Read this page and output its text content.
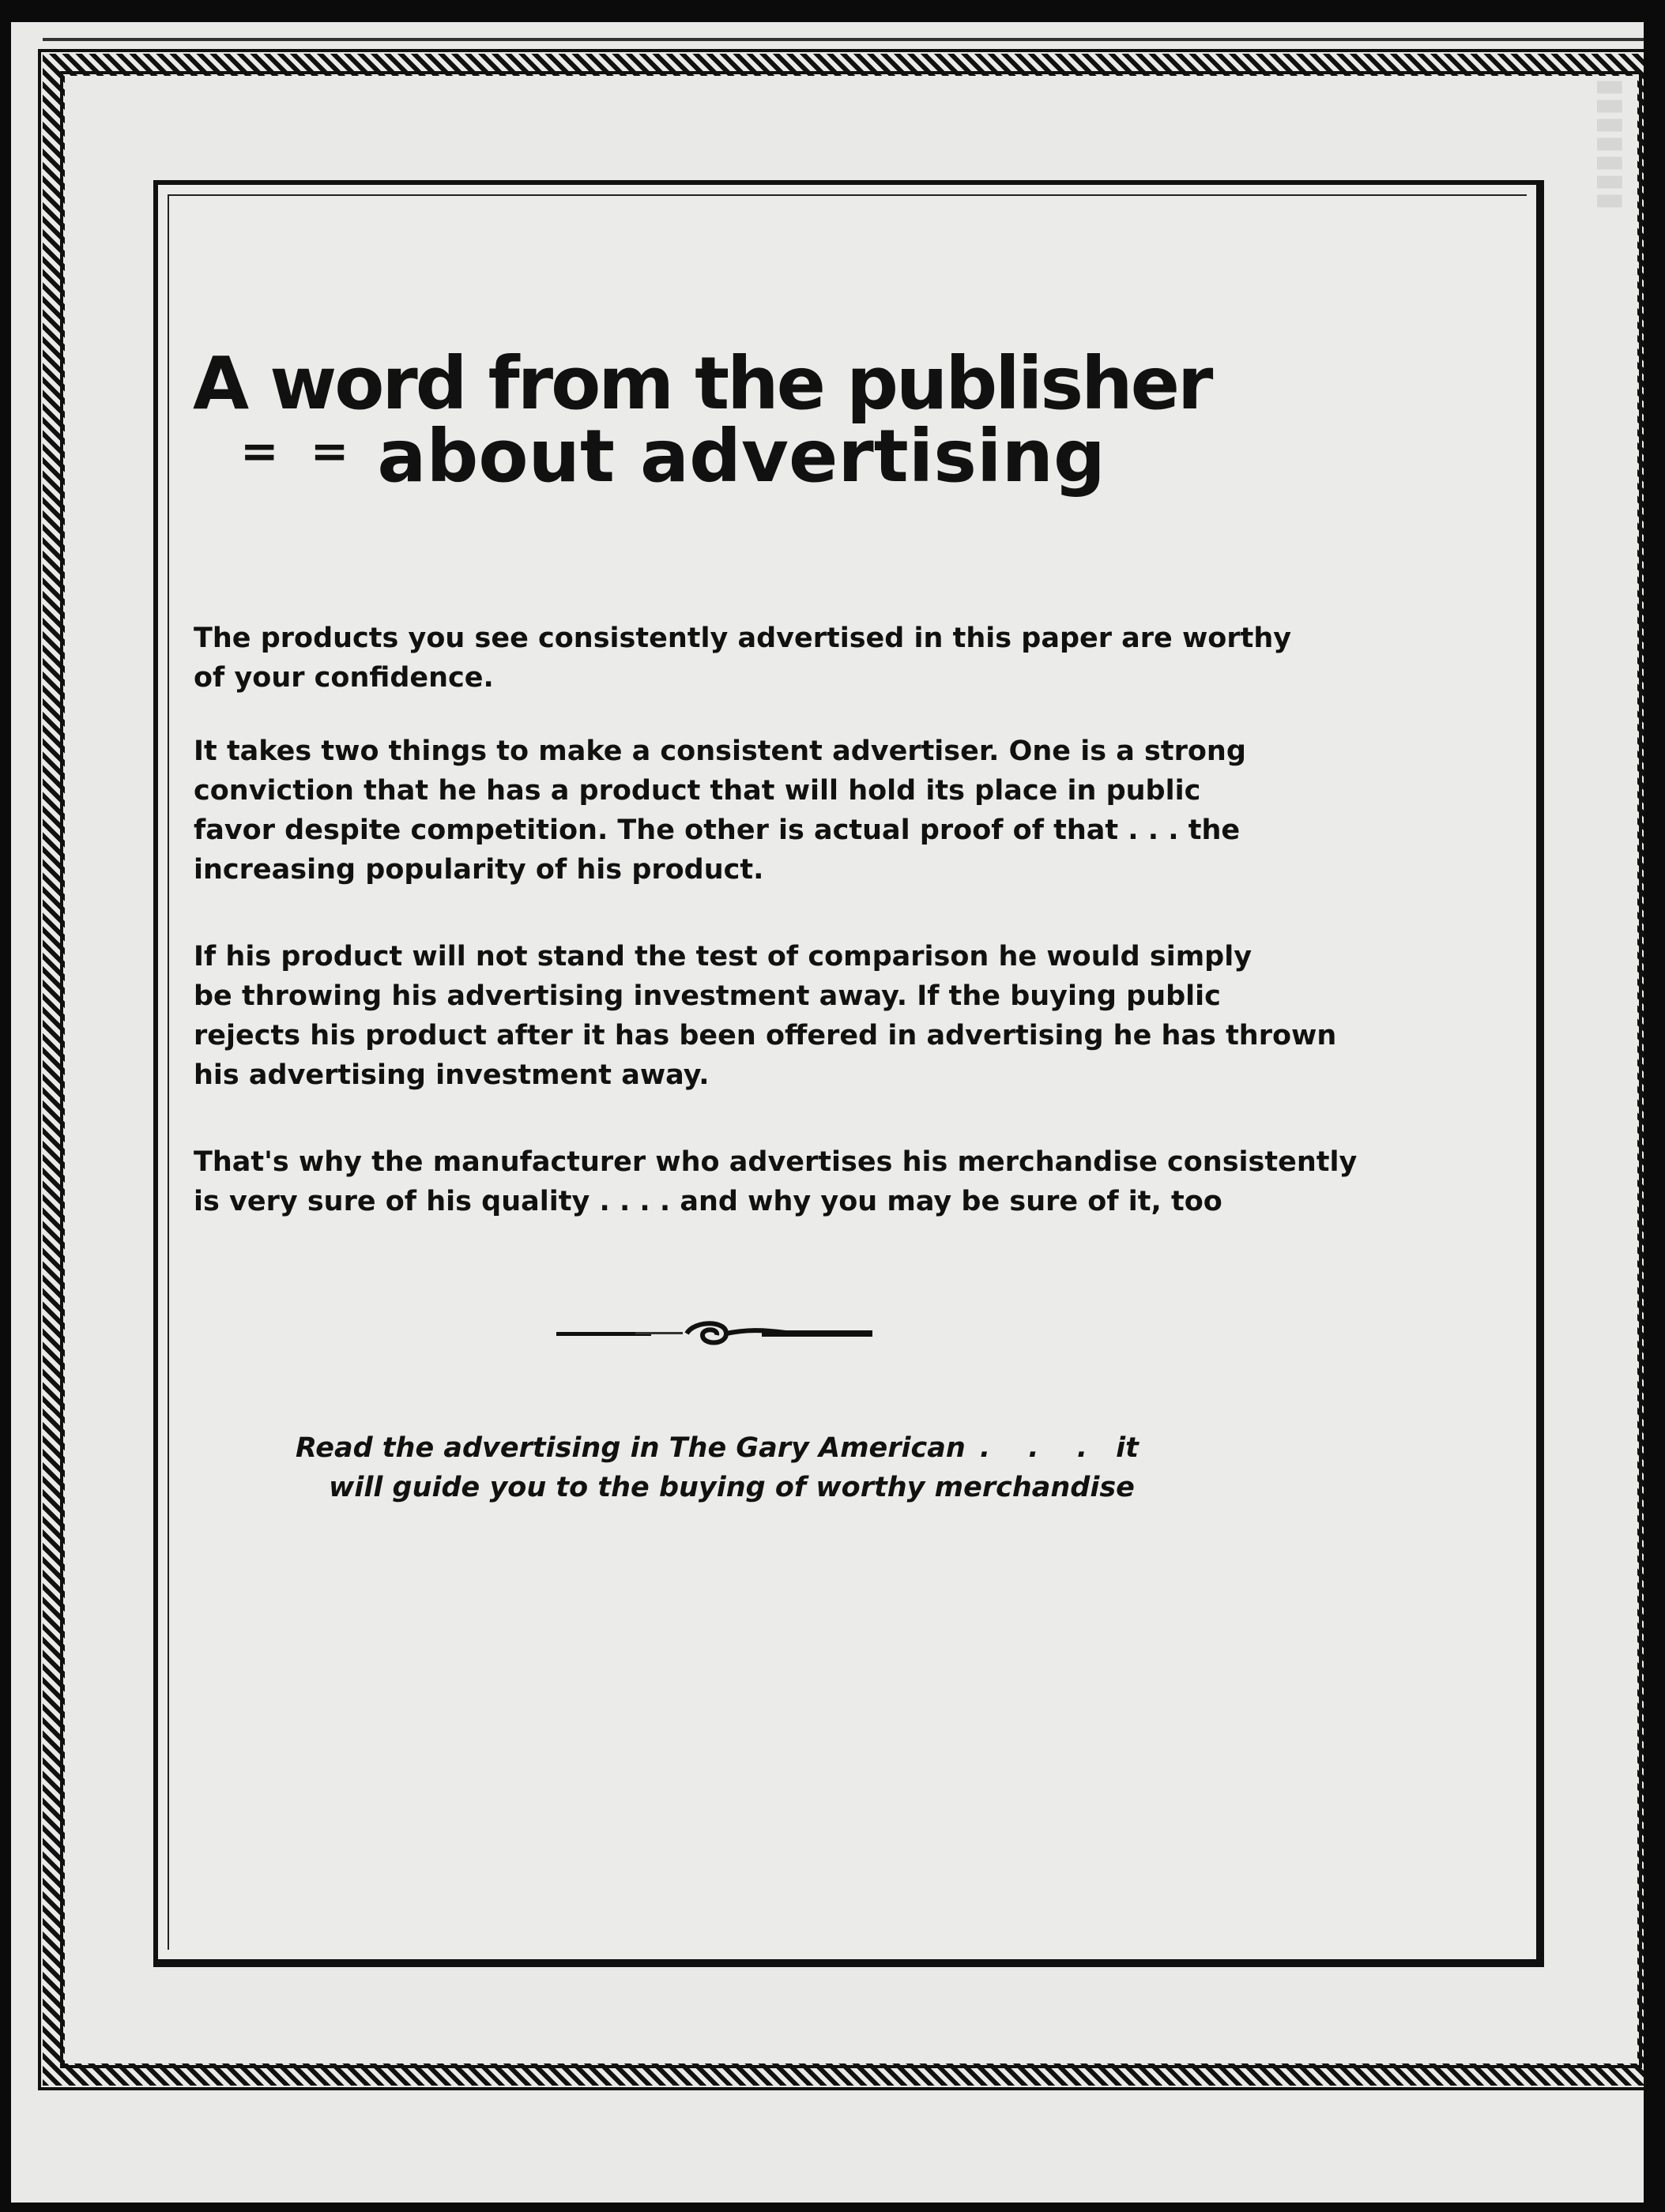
▮▮▮▮▮▮▮▮
A word from the publisher
= = about advertising
The products you see consistently advertised in this paper are worthy
of your confidence.
It takes two things to make a consistent advertiser. One is a strong
conviction that he has a product that will hold its place in public
favor despite competition. The other is actual proof of that . . . the
increasing popularity of his product.
If his product will not stand the test of comparison he would simply
be throwing his advertising investment away. If the buying public
rejects his product after it has been offered in advertising he has thrown
his advertising investment away.
That's why the manufacturer who advertises his merchandise consistently
is very sure of his quality . . . . and why you may be sure of it, too

Read the advertising in The Gary American . . . it

will guide you to the buying of worthy merchandise
